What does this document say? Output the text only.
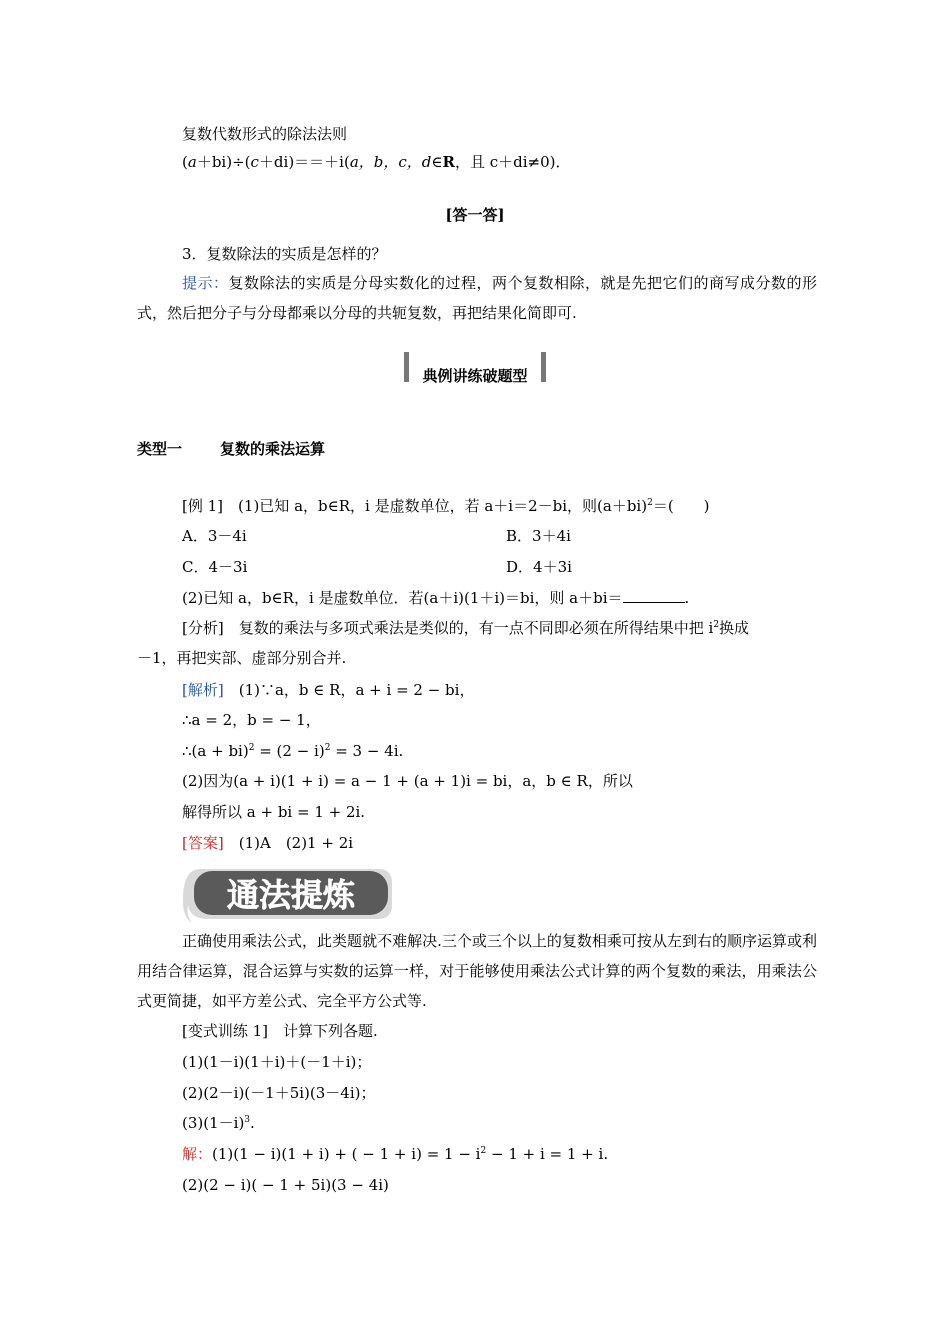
复数代数形式的除法法则
(a＋bi)÷(c＋di)＝＝＋i(a，b，c，d∈R，且 c＋di≠0)．
[答一答]
3．复数除法的实质是怎样的？
提示：复数除法的实质是分母实数化的过程，两个复数相除，就是先把它们的商写成分数的形式，然后把分子与分母都乘以分母的共轭复数，再把结果化简即可.
典例讲练破题型
类型一	复数的乘法运算
[例 1]　 (1)已知 a，b∈R，i 是虚数单位，若 a＋i＝2－bi，则$(a+bi)^2=$(　　)
A．3－4i	B．3＋4i
C．4－3i	D．4＋3i
(2)已知 a，b∈R，i 是虚数单位．若(a＋i)(1＋i)＝bi，则 a＋bi＝	.
[分析]　 复数的乘法与多项式乘法是类似的，有一点不同即必须在所得结果中把 $i^2$换成
－1，再把实部、虚部分别合并.
[解析]　 (1)∵a，b ∈ R，a + i = 2 − bi，
∴a = 2，b = − 1，
∴(a + $bi)^2 = (2 - i)^2 = 3 - 4i$.
(2)因为(a + i)(1 + i) = a − 1 + (a + 1)i = bi，a，b ∈ R，所以
解得所以 a + bi = 1 + 2i.
[答案]　 (1)A　(2)1 + 2i
通法提炼
正确使用乘法公式，此类题就不难解决.三个或三个以上的复数相乘可按从左到右的顺序运算或利用结合律运算，混合运算与实数的运算一样，对于能够使用乘法公式计算的两个复数的乘法，用乘法公式更简捷，如平方差公式、完全平方公式等.
[变式训练 1]　 计算下列各题.
(1)(1－i)(1＋i)＋(－1＋i)；
(2)(2－i)(－1＋5i)(3－4i)；
$(3)(1-i)^3$.
解：(1)(1 − i)(1 + i) + ( − $1 + i) = 1 - i^2 - 1 + i = 1 + i$.
(2)(2 − i)( − 1 + 5i)(3 − 4i)
